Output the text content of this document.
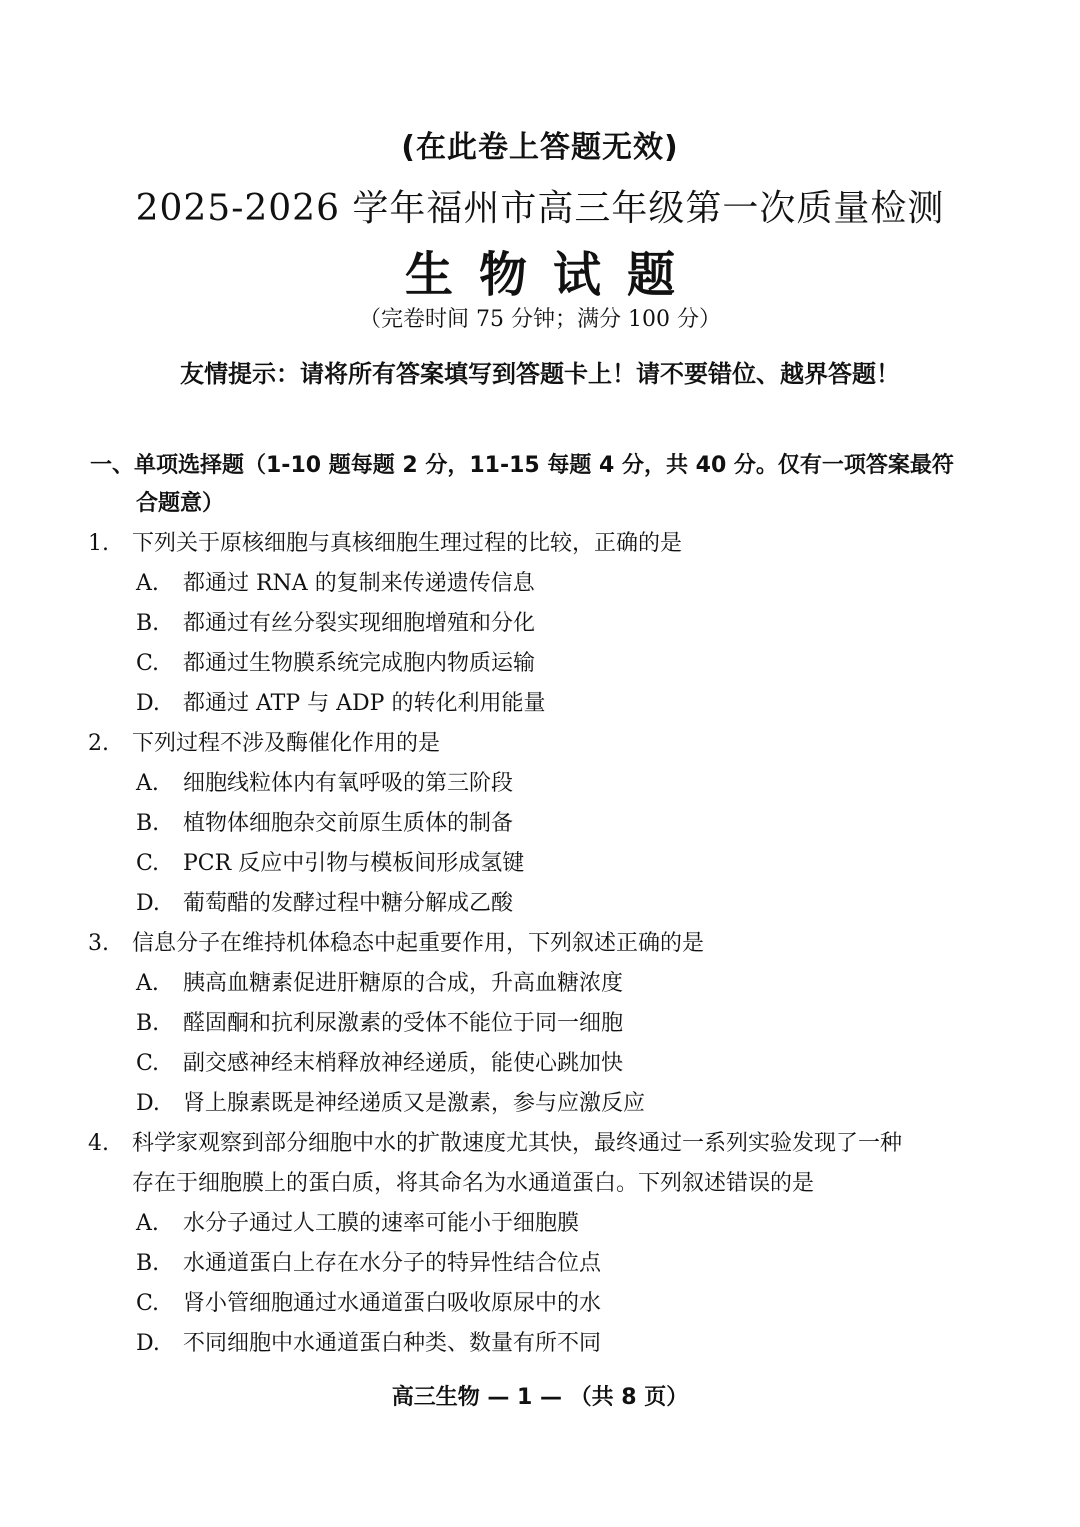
(在此卷上答题无效)
2025-2026 学年福州市高三年级第一次质量检测
生物试题
（完卷时间 75 分钟；满分 100 分）
友情提示：请将所有答案填写到答题卡上！请不要错位、越界答题！
一、单项选择题（1-10 题每题 2 分，11-15 每题 4 分，共 40 分。仅有一项答案最符
合题意）
1. 下列关于原核细胞与真核细胞生理过程的比较，正确的是
A. 都通过 RNA 的复制来传递遗传信息
B. 都通过有丝分裂实现细胞增殖和分化
C. 都通过生物膜系统完成胞内物质运输
D. 都通过 ATP 与 ADP 的转化利用能量
2. 下列过程不涉及酶催化作用的是
A. 细胞线粒体内有氧呼吸的第三阶段
B. 植物体细胞杂交前原生质体的制备
C. PCR 反应中引物与模板间形成氢键
D. 葡萄醋的发酵过程中糖分解成乙酸
3. 信息分子在维持机体稳态中起重要作用，下列叙述正确的是
A. 胰高血糖素促进肝糖原的合成，升高血糖浓度
B. 醛固酮和抗利尿激素的受体不能位于同一细胞
C. 副交感神经末梢释放神经递质，能使心跳加快
D. 肾上腺素既是神经递质又是激素，参与应激反应
4. 科学家观察到部分细胞中水的扩散速度尤其快，最终通过一系列实验发现了一种
存在于细胞膜上的蛋白质，将其命名为水通道蛋白。下列叙述错误的是
A. 水分子通过人工膜的速率可能小于细胞膜
B. 水通道蛋白上存在水分子的特异性结合位点
C. 肾小管细胞通过水通道蛋白吸收原尿中的水
D. 不同细胞中水通道蛋白种类、数量有所不同
高三生物 — 1 — （共 8 页）
